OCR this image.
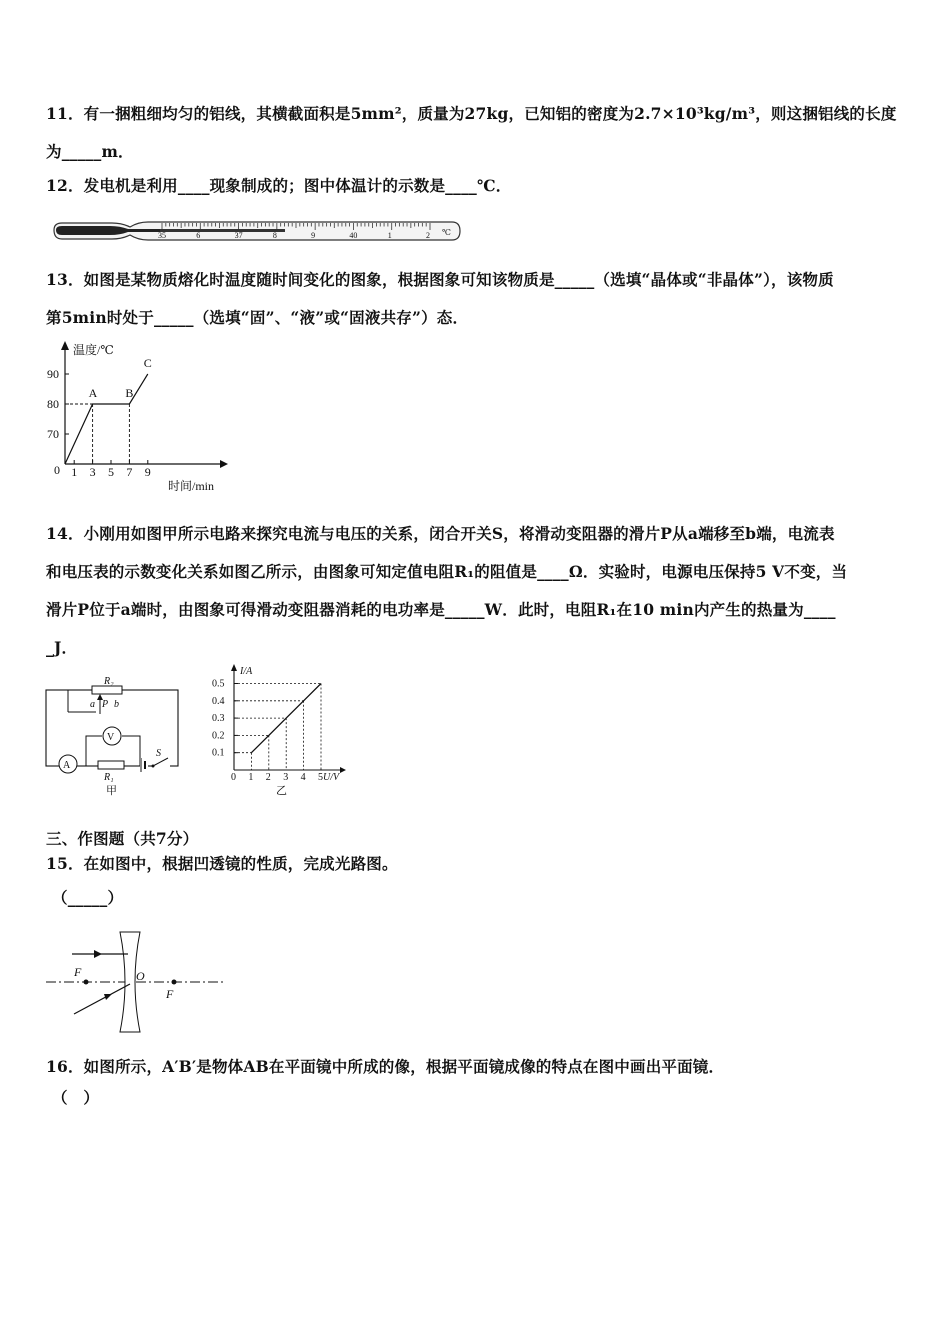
11．有一捆粗细均匀的铝线，其横截面积是5mm²，质量为27kg，已知铝的密度为2.7×10³kg/m³，则这捆铝线的长度
为_____m．
12．发电机是利用____现象制成的；图中体温计的示数是____℃．
35	6	37	8	9	40	1	2 ℃
13．如图是某物质熔化时温度随时间变化的图象，根据图象可知该物质是_____（选填“晶体或“非晶体”），该物质
第5min时处于_____（选填“固”、“液”或“固液共存”）态．
温度/℃
时间/min
0 1 3 5 7 9
70
80
90
A B
C
14．小刚用如图甲所示电路来探究电流与电压的关系，闭合开关S，将滑动变阻器的滑片P从a端移至b端，电流表
和电压表的示数变化关系如图乙所示，由图象可知定值电阻R₁的阻值是____Ω．实验时，电源电压保持5 V不变，当
滑片P位于a端时，由图象可得滑动变阻器消耗的电功率是_____W．此时，电阻R₁在10 min内产生的热量为____
_J．
R₂
a P b
V
A
R₁
S
甲
I/A
U/V
0 1 2 3 4 5
0.1
0.2
0.3
0.4
0.5
乙
三、作图题（共7分）
15．在如图中，根据凹透镜的性质，完成光路图。
（_____）
F	O
F
16．如图所示，A′B′是物体AB在平面镜中所成的像，根据平面镜成像的特点在图中画出平面镜．
（　）
